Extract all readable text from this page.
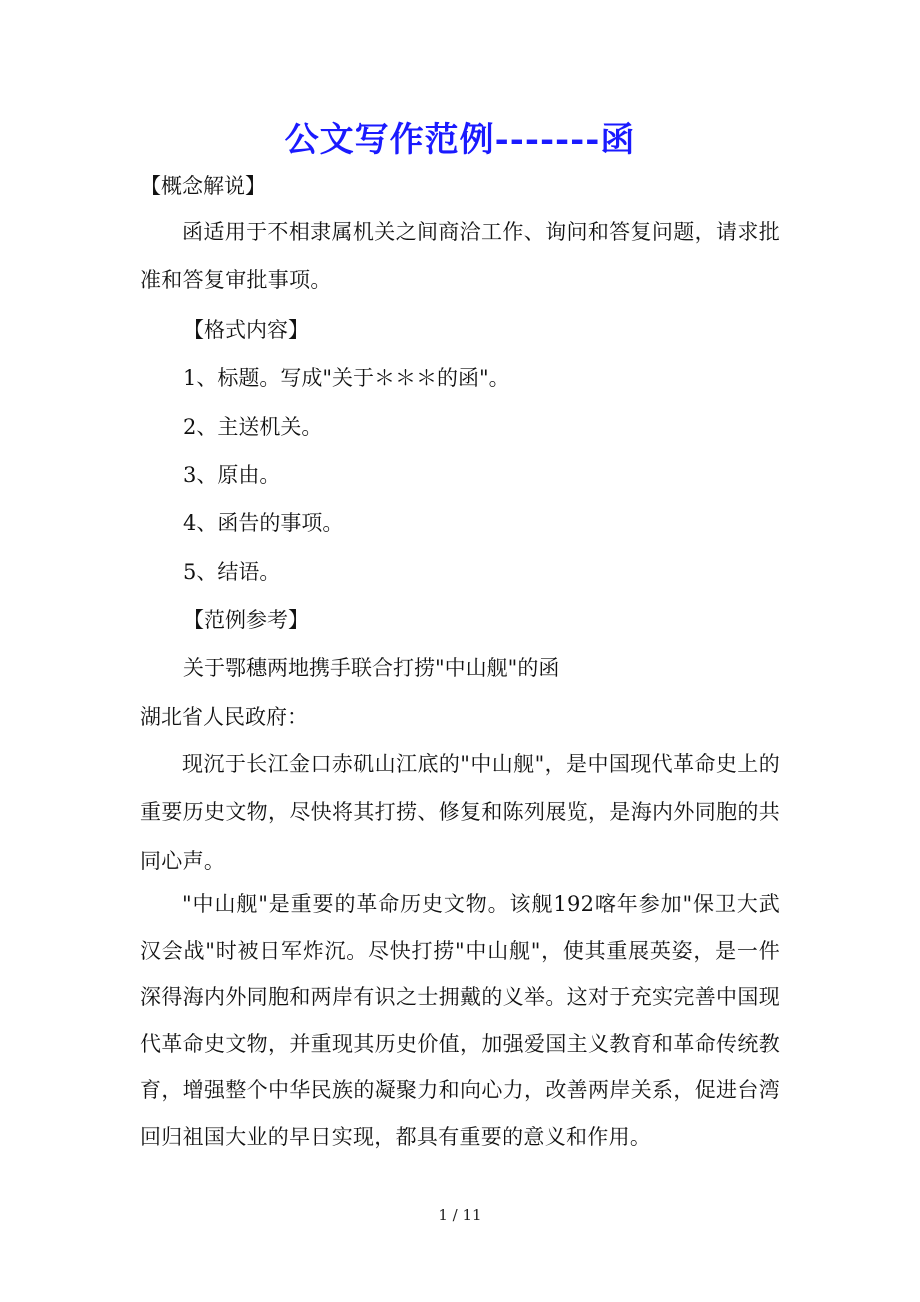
公文写作范例-------函
【概念解说】
函适用于不相隶属机关之间商洽工作、询问和答复问题，请求批准和答复审批事项。
【格式内容】
1、标题。写成"关于＊＊＊的函"。
2、主送机关。
3、原由。
4、函告的事项。
5、结语。
【范例参考】
关于鄂穗两地携手联合打捞"中山舰"的函
湖北省人民政府：
现沉于长江金口赤矶山江底的"中山舰"，是中国现代革命史上的重要历史文物，尽快将其打捞、修复和陈列展览，是海内外同胞的共同心声。
"中山舰"是重要的革命历史文物。该舰192喀年参加"保卫大武汉会战"时被日军炸沉。尽快打捞"中山舰"，使其重展英姿，是一件深得海内外同胞和两岸有识之士拥戴的义举。这对于充实完善中国现代革命史文物，并重现其历史价值，加强爱国主义教育和革命传统教育，增强整个中华民族的凝聚力和向心力，改善两岸关系，促进台湾回归祖国大业的早日实现，都具有重要的意义和作用。
1 / 11
